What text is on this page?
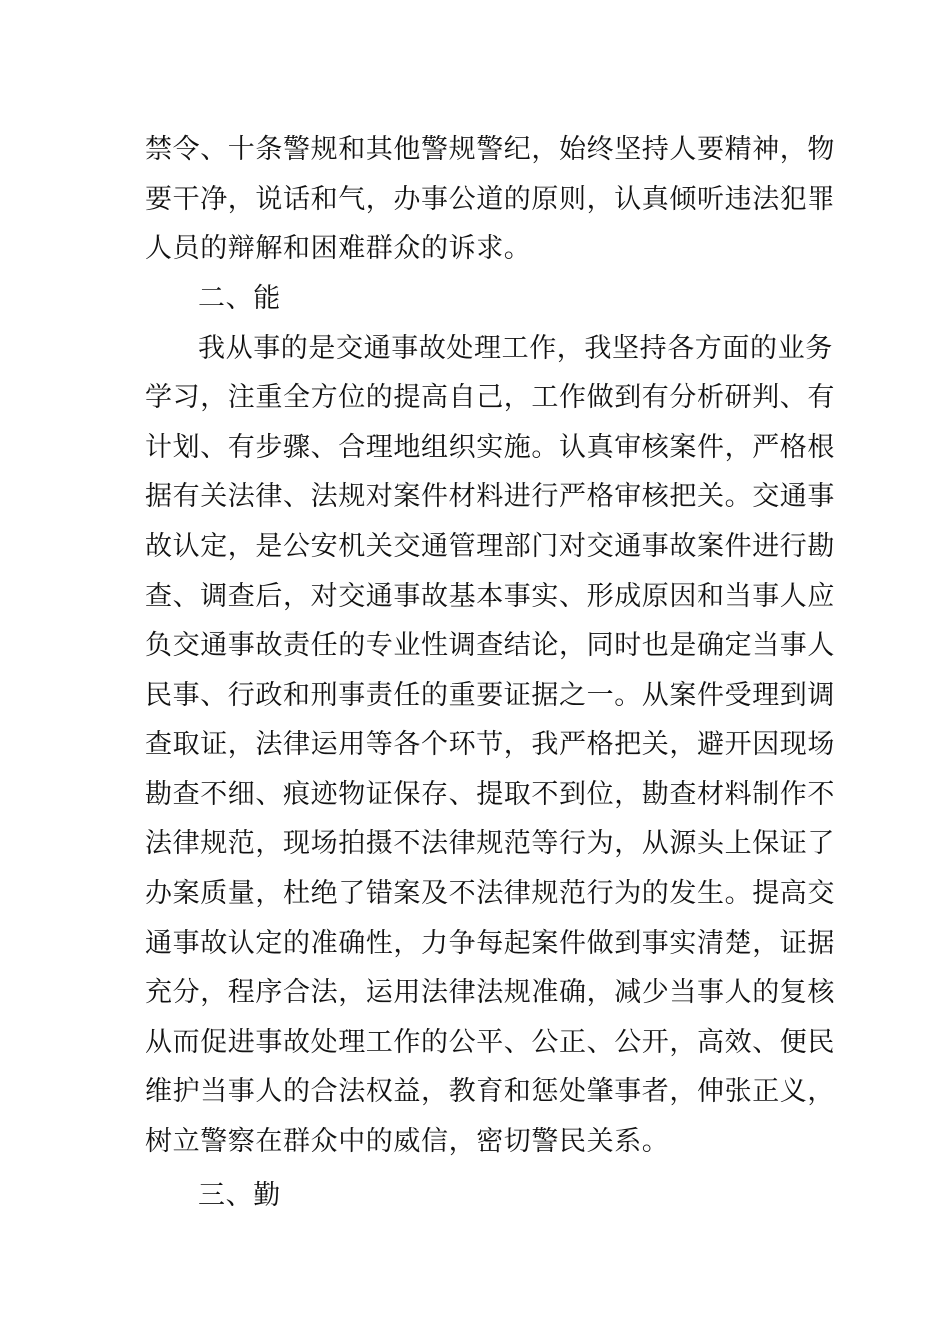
禁令、十条警规和其他警规警纪，始终坚持人要精神，物
要干净，说话和气，办事公道的原则，认真倾听违法犯罪
人员的辩解和困难群众的诉求。
二、能
我从事的是交通事故处理工作，我坚持各方面的业务
学习，注重全方位的提高自己，工作做到有分析研判、有
计划、有步骤、合理地组织实施。认真审核案件，严格根
据有关法律、法规对案件材料进行严格审核把关。交通事
故认定，是公安机关交通管理部门对交通事故案件进行勘
查、调查后，对交通事故基本事实、形成原因和当事人应
负交通事故责任的专业性调查结论，同时也是确定当事人
民事、行政和刑事责任的重要证据之一。从案件受理到调
查取证，法律运用等各个环节，我严格把关，避开因现场
勘查不细、痕迹物证保存、提取不到位，勘查材料制作不
法律规范，现场拍摄不法律规范等行为，从源头上保证了
办案质量，杜绝了错案及不法律规范行为的发生。提高交
通事故认定的准确性，力争每起案件做到事实清楚，证据
充分，程序合法，运用法律法规准确，减少当事人的复核
从而促进事故处理工作的公平、公正、公开，高效、便民
维护当事人的合法权益，教育和惩处肇事者，伸张正义，
树立警察在群众中的威信，密切警民关系。
三、勤
